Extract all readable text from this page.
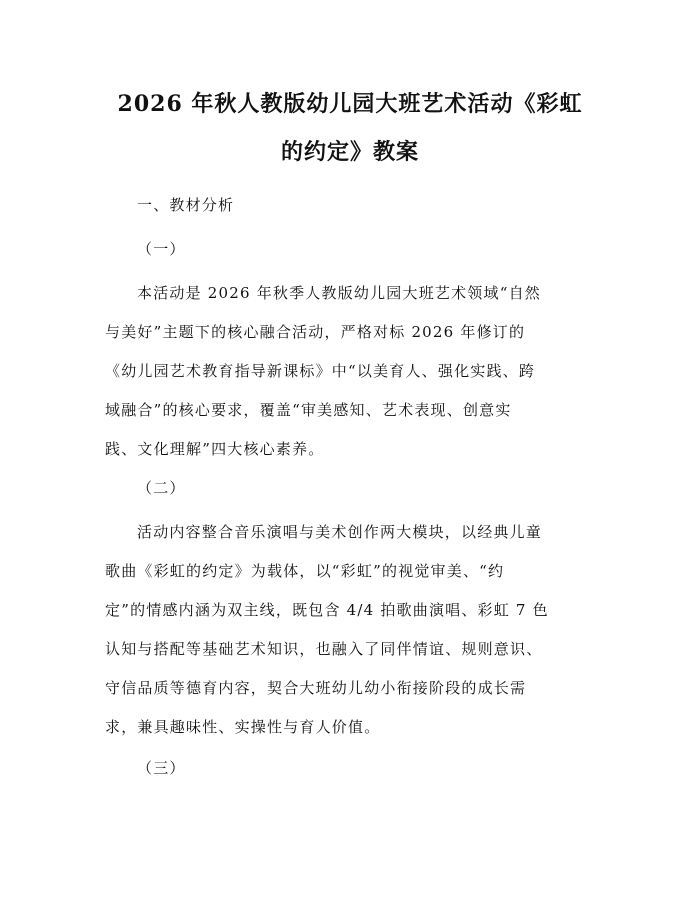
2026 年秋人教版幼儿园大班艺术活动《彩虹
的约定》教案

一、教材分析

（一）

本活动是 2026 年秋季人教版幼儿园大班艺术领域“自然

与美好”主题下的核心融合活动，严格对标 2026 年修订的

《幼儿园艺术教育指导新课标》中“以美育人、强化实践、跨

域融合”的核心要求，覆盖“审美感知、艺术表现、创意实

践、文化理解”四大核心素养。

（二）

活动内容整合音乐演唱与美术创作两大模块，以经典儿童

歌曲《彩虹的约定》为载体，以“彩虹”的视觉审美、“约

定”的情感内涵为双主线，既包含 4/4 拍歌曲演唱、彩虹 7 色

认知与搭配等基础艺术知识，也融入了同伴情谊、规则意识、

守信品质等德育内容，契合大班幼儿幼小衔接阶段的成长需

求，兼具趣味性、实操性与育人价值。

（三）
